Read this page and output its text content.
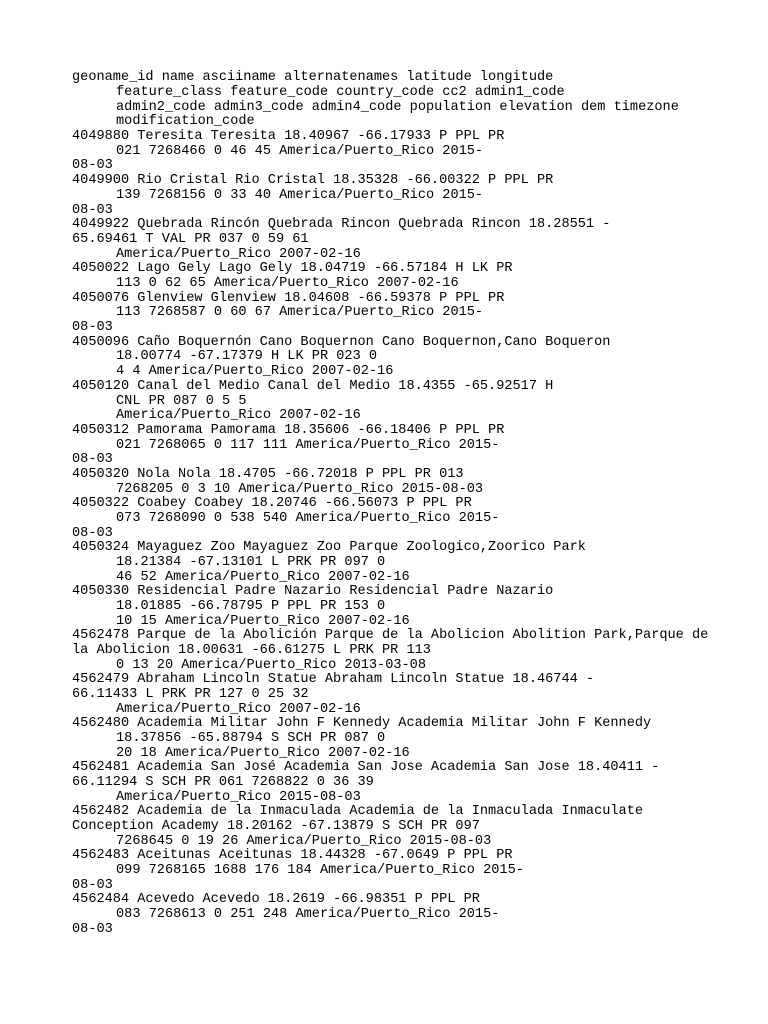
geoname_id name asciiname alternatenames latitude longitude
feature_class feature_code country_code cc2 admin1_code
admin2_code admin3_code admin4_code population elevation dem timezone
modification_code
4049880 Teresita Teresita 18.40967 -66.17933 P PPL PR
021 7268466 0 46 45 America/Puerto_Rico 2015-
08-03
4049900 Rio Cristal Rio Cristal 18.35328 -66.00322 P PPL PR
139 7268156 0 33 40 America/Puerto_Rico 2015-
08-03
4049922 Quebrada Rincón Quebrada Rincon Quebrada Rincon 18.28551 -
65.69461 T VAL PR 037 0 59 61
America/Puerto_Rico 2007-02-16
4050022 Lago Gely Lago Gely 18.04719 -66.57184 H LK PR
113 0 62 65 America/Puerto_Rico 2007-02-16
4050076 Glenview Glenview 18.04608 -66.59378 P PPL PR
113 7268587 0 60 67 America/Puerto_Rico 2015-
08-03
4050096 Caño Boquernón Cano Boquernon Cano Boquernon,Cano Boqueron
18.00774 -67.17379 H LK PR 023 0
4 4 America/Puerto_Rico 2007-02-16
4050120 Canal del Medio Canal del Medio 18.4355 -65.92517 H
CNL PR 087 0 5 5
America/Puerto_Rico 2007-02-16
4050312 Pamorama Pamorama 18.35606 -66.18406 P PPL PR
021 7268065 0 117 111 America/Puerto_Rico 2015-
08-03
4050320 Nola Nola 18.4705 -66.72018 P PPL PR 013
7268205 0 3 10 America/Puerto_Rico 2015-08-03
4050322 Coabey Coabey 18.20746 -66.56073 P PPL PR
073 7268090 0 538 540 America/Puerto_Rico 2015-
08-03
4050324 Mayaguez Zoo Mayaguez Zoo Parque Zoologico,Zoorico Park
18.21384 -67.13101 L PRK PR 097 0
46 52 America/Puerto_Rico 2007-02-16
4050330 Residencial Padre Nazario Residencial Padre Nazario
18.01885 -66.78795 P PPL PR 153 0
10 15 America/Puerto_Rico 2007-02-16
4562478 Parque de la Abolición Parque de la Abolicion Abolition Park,Parque de
la Abolicion 18.00631 -66.61275 L PRK PR 113
0 13 20 America/Puerto_Rico 2013-03-08
4562479 Abraham Lincoln Statue Abraham Lincoln Statue 18.46744 -
66.11433 L PRK PR 127 0 25 32
America/Puerto_Rico 2007-02-16
4562480 Academia Militar John F Kennedy Academia Militar John F Kennedy
18.37856 -65.88794 S SCH PR 087 0
20 18 America/Puerto_Rico 2007-02-16
4562481 Academia San José Academia San Jose Academia San Jose 18.40411 -
66.11294 S SCH PR 061 7268822 0 36 39
America/Puerto_Rico 2015-08-03
4562482 Academia de la Inmaculada Academia de la Inmaculada Inmaculate
Conception Academy 18.20162 -67.13879 S SCH PR 097
7268645 0 19 26 America/Puerto_Rico 2015-08-03
4562483 Aceitunas Aceitunas 18.44328 -67.0649 P PPL PR
099 7268165 1688 176 184 America/Puerto_Rico 2015-
08-03
4562484 Acevedo Acevedo 18.2619 -66.98351 P PPL PR
083 7268613 0 251 248 America/Puerto_Rico 2015-
08-03
